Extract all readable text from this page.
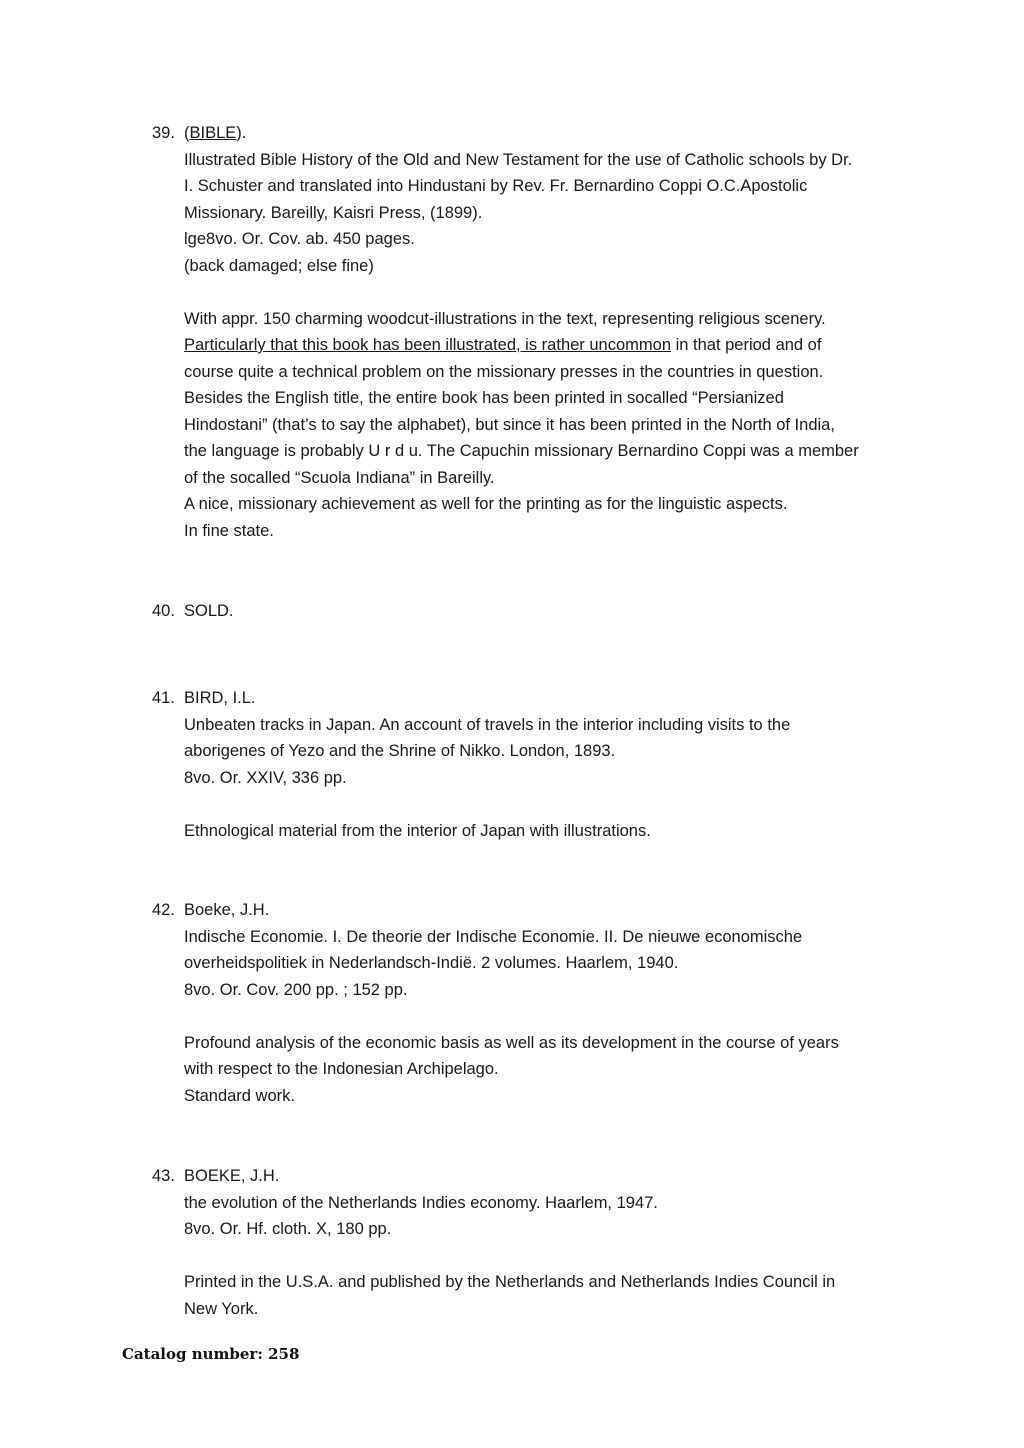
39. (BIBLE).
Illustrated Bible History of the Old and New Testament for the use of Catholic schools by Dr.
I. Schuster and translated into Hindustani by Rev. Fr. Bernardino Coppi O.C.Apostolic
Missionary. Bareilly, Kaisri Press, (1899).
lge8vo. Or. Cov. ab. 450 pages.
(back damaged; else fine)
With appr. 150 charming woodcut-illustrations in the text, representing religious scenery.
Particularly that this book has been illustrated, is rather uncommon in that period and of
course quite a technical problem on the missionary presses in the countries in question.
Besides the English title, the entire book has been printed in socalled “Persianized
Hindostani” (that’s to say the alphabet), but since it has been printed in the North of India,
the language is probably U r d u. The Capuchin missionary Bernardino Coppi was a member
of the socalled “Scuola Indiana” in Bareilly.
A nice, missionary achievement as well for the printing as for the linguistic aspects.
In fine state.
40. SOLD.
41. BIRD, I.L.
Unbeaten tracks in Japan. An account of travels in the interior including visits to the
aborigenes of Yezo and the Shrine of Nikko. London, 1893.
8vo. Or. XXIV, 336 pp.
Ethnological material from the interior of Japan with illustrations.
42. Boeke, J.H.
Indische Economie. I. De theorie der Indische Economie. II. De nieuwe economische
overheidspolitiek in Nederlandsch-Indië. 2 volumes. Haarlem, 1940.
8vo. Or. Cov. 200 pp. ; 152 pp.
Profound analysis of the economic basis as well as its development in the course of years
with respect to the Indonesian Archipelago.
Standard work.
43. BOEKE, J.H.
the evolution of the Netherlands Indies economy. Haarlem, 1947.
8vo. Or. Hf. cloth. X, 180 pp.
Printed in the U.S.A. and published by the Netherlands and Netherlands Indies Council in
New York.
Catalog number: 258
